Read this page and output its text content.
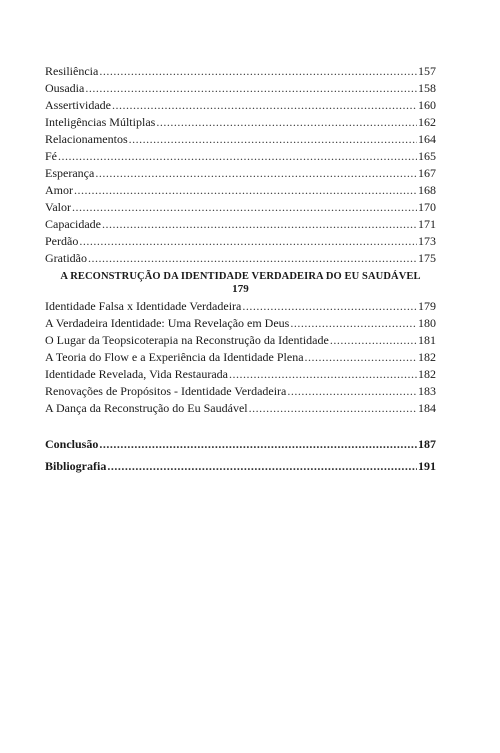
Resiliência .....	157
Ousadia .....	158
Assertividade .....	160
Inteligências Múltiplas .....	162
Relacionamentos .....	164
Fé .....	165
Esperança .....	167
Amor .....	168
Valor .....	170
Capacidade .....	171
Perdão .....	173
Gratidão .....	175
A RECONSTRUÇÃO DA IDENTIDADE VERDADEIRA DO EU SAUDÁVEL
179
Identidade Falsa x Identidade Verdadeira .....	179
A Verdadeira Identidade: Uma Revelação em Deus .....	180
O Lugar da Teopsicoterapia na Reconstrução da Identidade .....	181
A Teoria do Flow e a Experiência da Identidade Plena .....	182
Identidade Revelada, Vida Restaurada .....	182
Renovações de Propósitos - Identidade Verdadeira .....	183
A Dança da Reconstrução do Eu Saudável .....	184
Conclusão .....	187
Bibliografia .....	191
